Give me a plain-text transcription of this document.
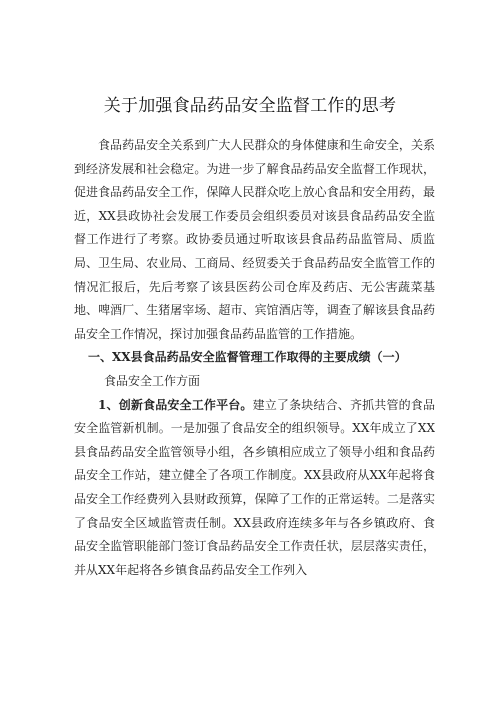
关于加强食品药品安全监督工作的思考

食品药品安全关系到广大人民群众的身体健康和生命安全，关系到经济发展和社会稳定。为进一步了解食品药品安全监督工作现状，促进食品药品安全工作，保障人民群众吃上放心食品和安全用药，最近，XX县政协社会发展工作委员会组织委员对该县食品药品安全监督工作进行了考察。政协委员通过听取该县食品药品监管局、质监局、卫生局、农业局、工商局、经贸委关于食品药品安全监管工作的情况汇报后，先后考察了该县医药公司仓库及药店、无公害蔬菜基地、啤酒厂、生猪屠宰场、超市、宾馆酒店等，调查了解该县食品药品安全工作情况，探讨加强食品药品监管的工作措施。

一、XX县食品药品安全监督管理工作取得的主要成绩（一）

食品安全工作方面

1、创新食品安全工作平台。建立了条块结合、齐抓共管的食品安全监管新机制。一是加强了食品安全的组织领导。XX年成立了XX县食品药品安全监管领导小组，各乡镇相应成立了领导小组和食品药品安全工作站，建立健全了各项工作制度。XX县政府从XX年起将食品安全工作经费列入县财政预算，保障了工作的正常运转。二是落实了食品安全区域监管责任制。XX县政府连续多年与各乡镇政府、食品安全监管职能部门签订食品药品安全工作责任状，层层落实责任，并从XX年起将各乡镇食品药品安全工作列入
